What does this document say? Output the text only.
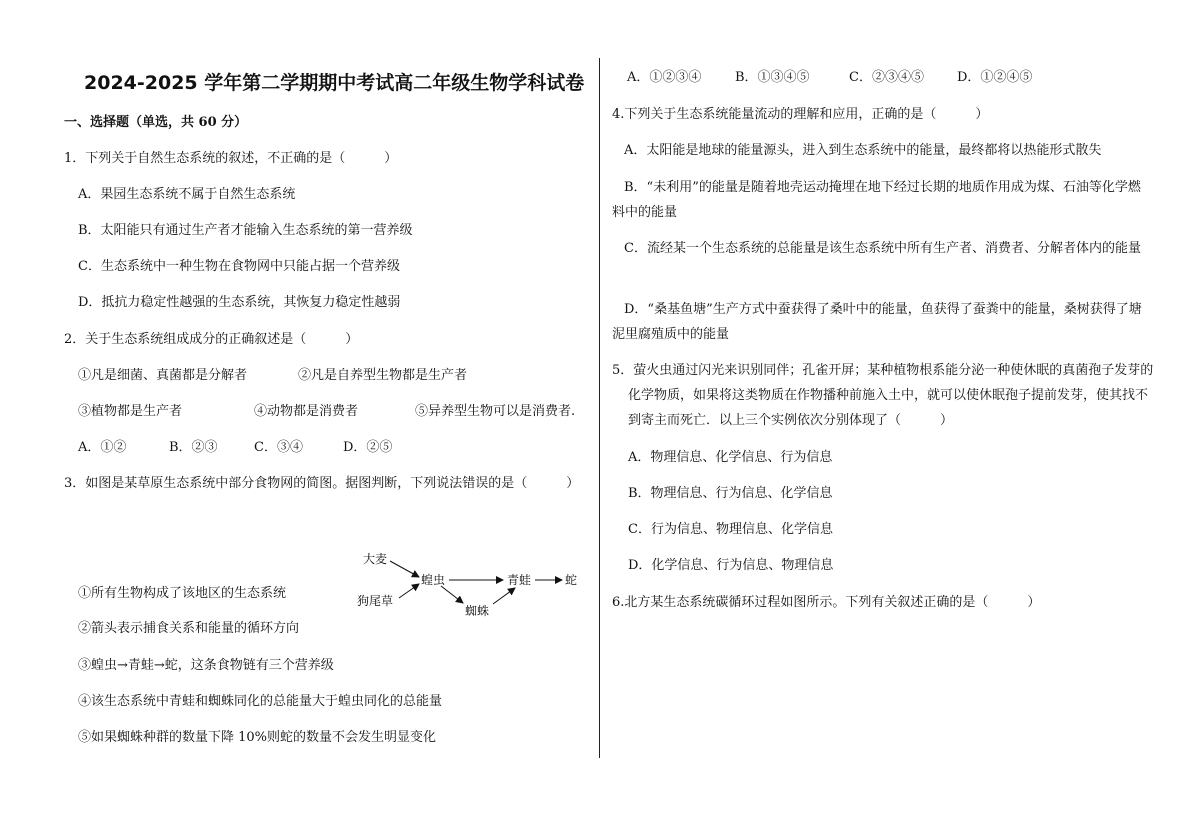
2024-2025 学年第二学期期中考试高二年级生物学科试卷
一、选择题（单选，共 60 分）
1．下列关于自然生态系统的叙述，不正确的是（　　　）
A．果园生态系统不属于自然生态系统
B．太阳能只有通过生产者才能输入生态系统的第一营养级
C．生态系统中一种生物在食物网中只能占据一个营养级
D．抵抗力稳定性越强的生态系统，其恢复力稳定性越弱
2．关于生态系统组成成分的正确叙述是（　　　）
①凡是细菌、真菌都是分解者	②凡是自养型生物都是生产者
③植物都是生产者	④动物都是消费者	⑤异养型生物可以是消费者.
A．①②	B．②③	C．③④	D．②⑤
3．如图是某草原生态系统中部分食物网的简图。据图判断，下列说法错误的是（　　　）
大麦
狗尾草
蝗虫	青蛙	蛇
蜘蛛
①所有生物构成了该地区的生态系统
②箭头表示捕食关系和能量的循环方向
③蝗虫→青蛙→蛇，这条食物链有三个营养级
④该生态系统中青蛙和蜘蛛同化的总能量大于蝗虫同化的总能量
⑤如果蜘蛛种群的数量下降 10%则蛇的数量不会发生明显变化
A．①②③④	B．①③④⑤	C．②③④⑤	D．①②④⑤
4.下列关于生态系统能量流动的理解和应用，正确的是（　　　）
A．太阳能是地球的能量源头，进入到生态系统中的能量，最终都将以热能形式散失
B．“未利用”的能量是随着地壳运动掩埋在地下经过长期的地质作用成为煤、石油等化学燃料中的能量
C．流经某一个生态系统的总能量是该生态系统中所有生产者、消费者、分解者体内的能量
D．“桑基鱼塘”生产方式中蚕获得了桑叶中的能量，鱼获得了蚕粪中的能量，桑树获得了塘泥里腐殖质中的能量
5．萤火虫通过闪光来识别同伴；孔雀开屏；某种植物根系能分泌一种使休眠的真菌孢子发芽的化学物质，如果将这类物质在作物播种前施入土中，就可以使休眠孢子提前发芽，使其找不到寄主而死亡．以上三个实例依次分别体现了（　　　）
A．物理信息、化学信息、行为信息
B．物理信息、行为信息、化学信息
C．行为信息、物理信息、化学信息
D．化学信息、行为信息、物理信息
6.北方某生态系统碳循环过程如图所示。下列有关叙述正确的是（　　　）
